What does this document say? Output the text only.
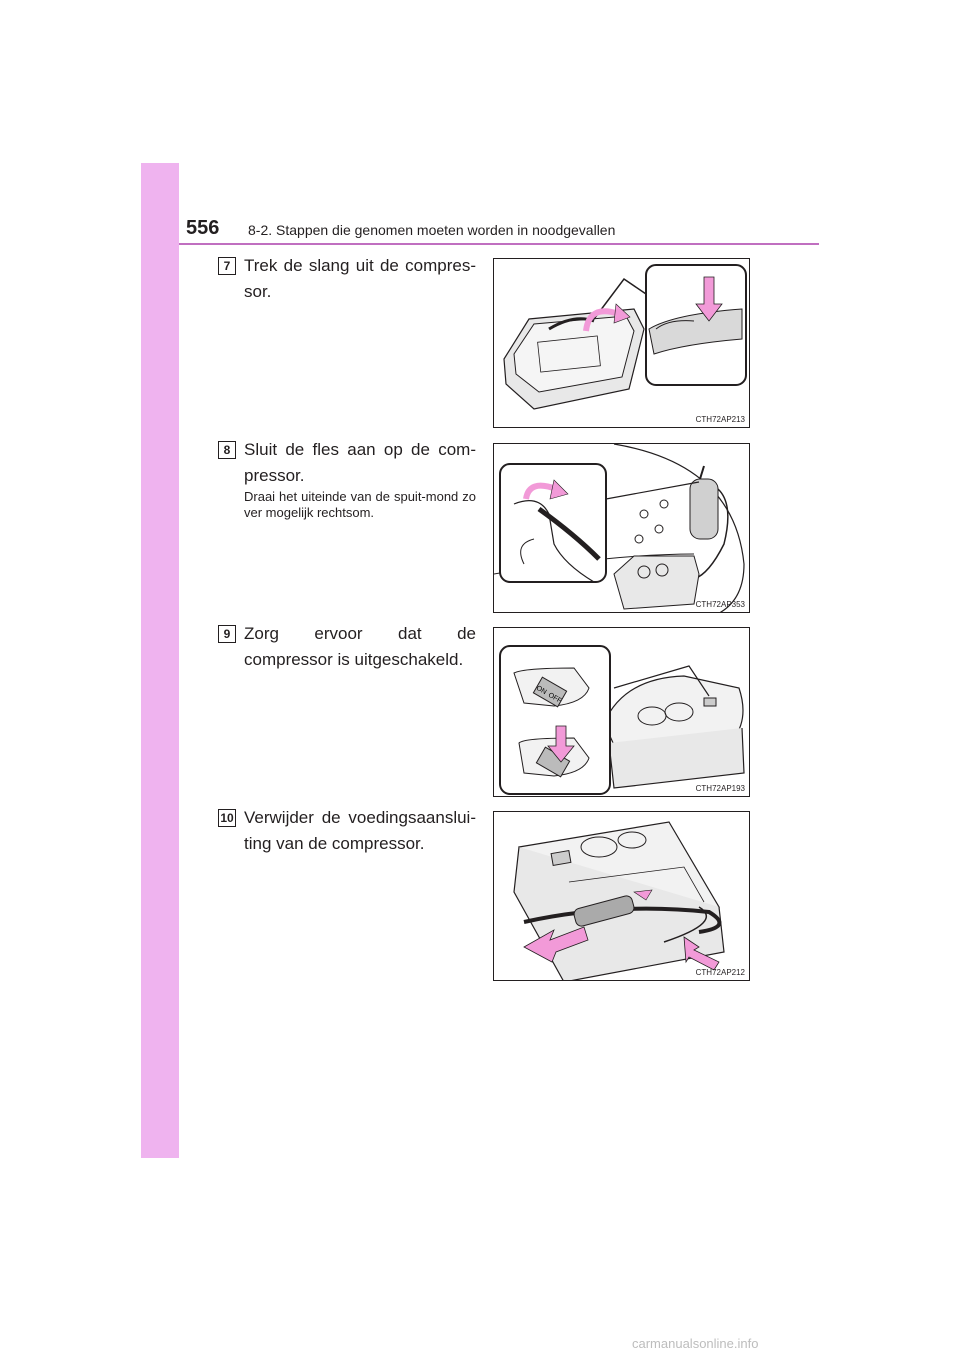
556 8-2. Stappen die genomen moeten worden in noodgevallen
7 Trek de slang uit de compres-sor.
CTH72AP213
8 Sluit de fles aan op de com-pressor.
Draai het uiteinde van de spuit-mond zo ver mogelijk rechtsom.
CTH72AP353
9 Zorg ervoor dat de compressor is uitgeschakeld.
ON
OFF
CTH72AP193
10 Verwijder de voedingsaanslui-ting van de compressor.
CTH72AP212
carmanualsonline.info
